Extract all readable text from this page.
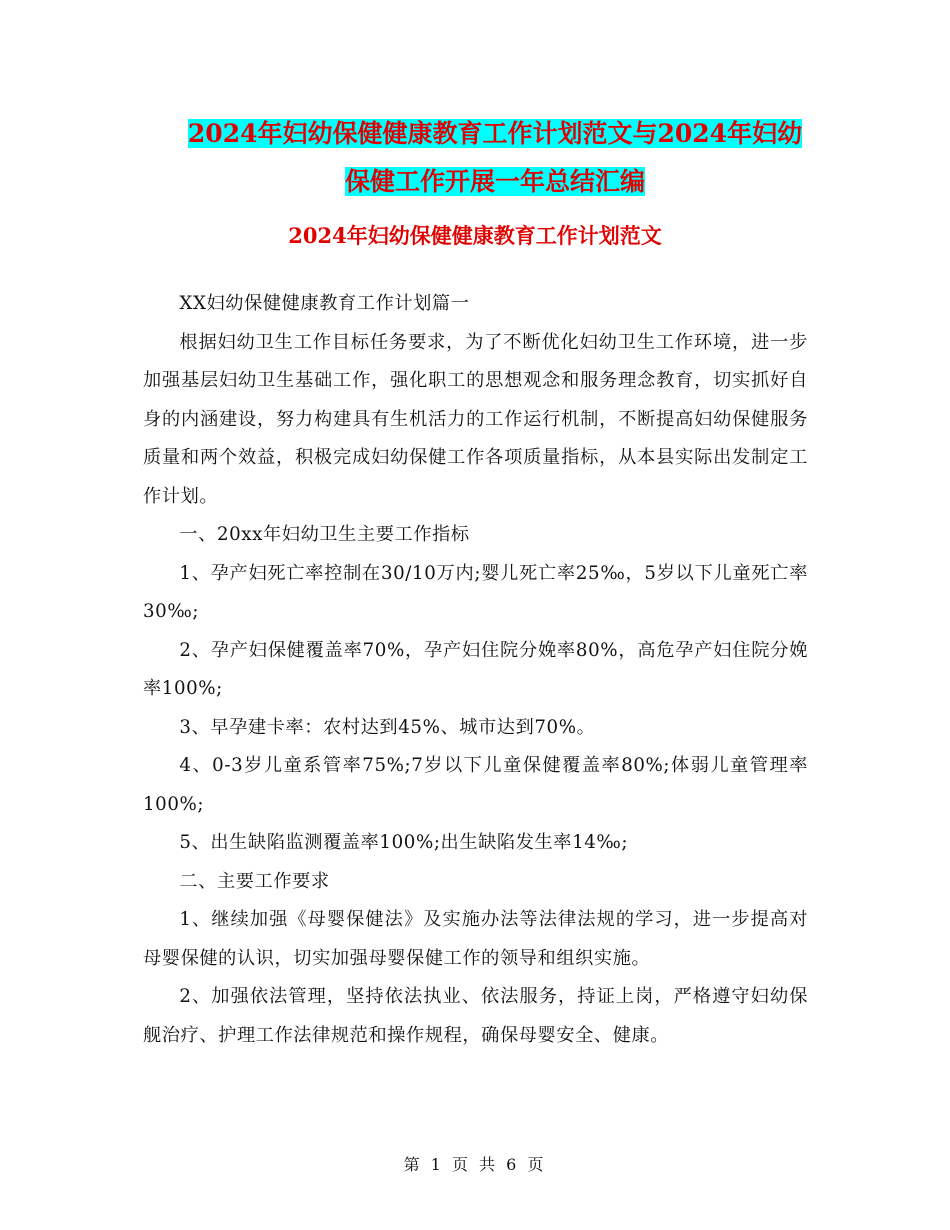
2024年妇幼保健健康教育工作计划范文与2024年妇幼
保健工作开展一年总结汇编
2024年妇幼保健健康教育工作计划范文

XX妇幼保健健康教育工作计划篇一

根据妇幼卫生工作目标任务要求，为了不断优化妇幼卫生工作环境，进一步加强基层妇幼卫生基础工作，强化职工的思想观念和服务理念教育，切实抓好自身的内涵建设，努力构建具有生机活力的工作运行机制，不断提高妇幼保健服务质量和两个效益，积极完成妇幼保健工作各项质量指标，从本县实际出发制定工作计划。

一、20xx年妇幼卫生主要工作指标

1、孕产妇死亡率控制在30/10万内;婴儿死亡率25‰，5岁以下儿童死亡率30‰;

2、孕产妇保健覆盖率70%，孕产妇住院分娩率80%，高危孕产妇住院分娩率100%;

3、早孕建卡率：农村达到45%、城市达到70%。

4、0-3岁儿童系管率75%;7岁以下儿童保健覆盖率80%;体弱儿童管理率100%;

5、出生缺陷监测覆盖率100%;出生缺陷发生率14‰;

二、主要工作要求

1、继续加强《母婴保健法》及实施办法等法律法规的学习，进一步提高对母婴保健的认识，切实加强母婴保健工作的领导和组织实施。

2、加强依法管理，坚持依法执业、依法服务，持证上岗，严格遵守妇幼保舰治疗、护理工作法律规范和操作规程，确保母婴安全、健康。

第 1 页 共 6 页
